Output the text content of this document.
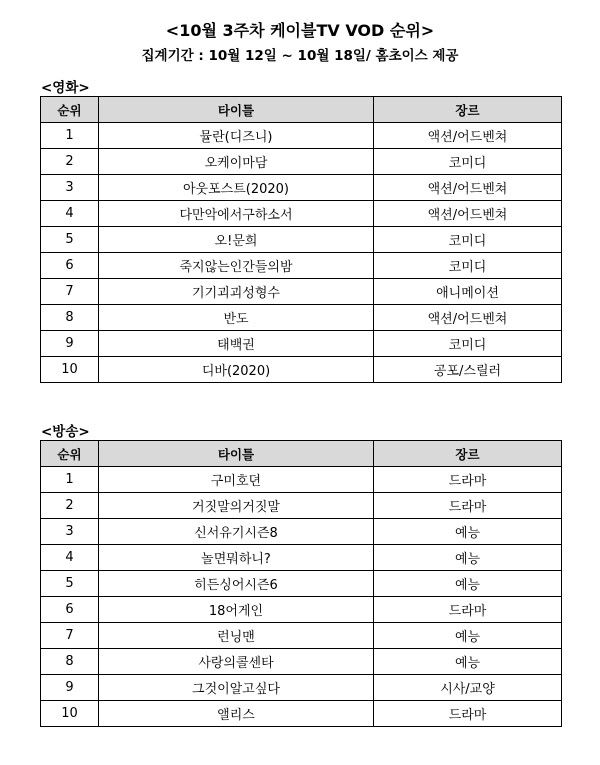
<10월 3주차 케이블TV VOD 순위>
집계기간 : 10월 12일 ~ 10월 18일/ 홈초이스 제공
<영화>
순위	타이틀	장르
1	뮬란(디즈니)	액션/어드벤쳐
2	오케이마담	코미디
3	아웃포스트(2020)	액션/어드벤쳐
4	다만악에서구하소서	액션/어드벤쳐
5	오!문희	코미디
6	죽지않는인간들의밤	코미디
7	기기괴괴성형수	애니메이션
8	반도	액션/어드벤쳐
9	태백권	코미디
10	디바(2020)	공포/스릴러
<방송>
순위	타이틀	장르
1	구미호뎐	드라마
2	거짓말의거짓말	드라마
3	신서유기시즌8	예능
4	놀면뭐하니?	예능
5	히든싱어시즌6	예능
6	18어게인	드라마
7	런닝맨	예능
8	사랑의콜센타	예능
9	그것이알고싶다	시사/교양
10	앨리스	드라마
